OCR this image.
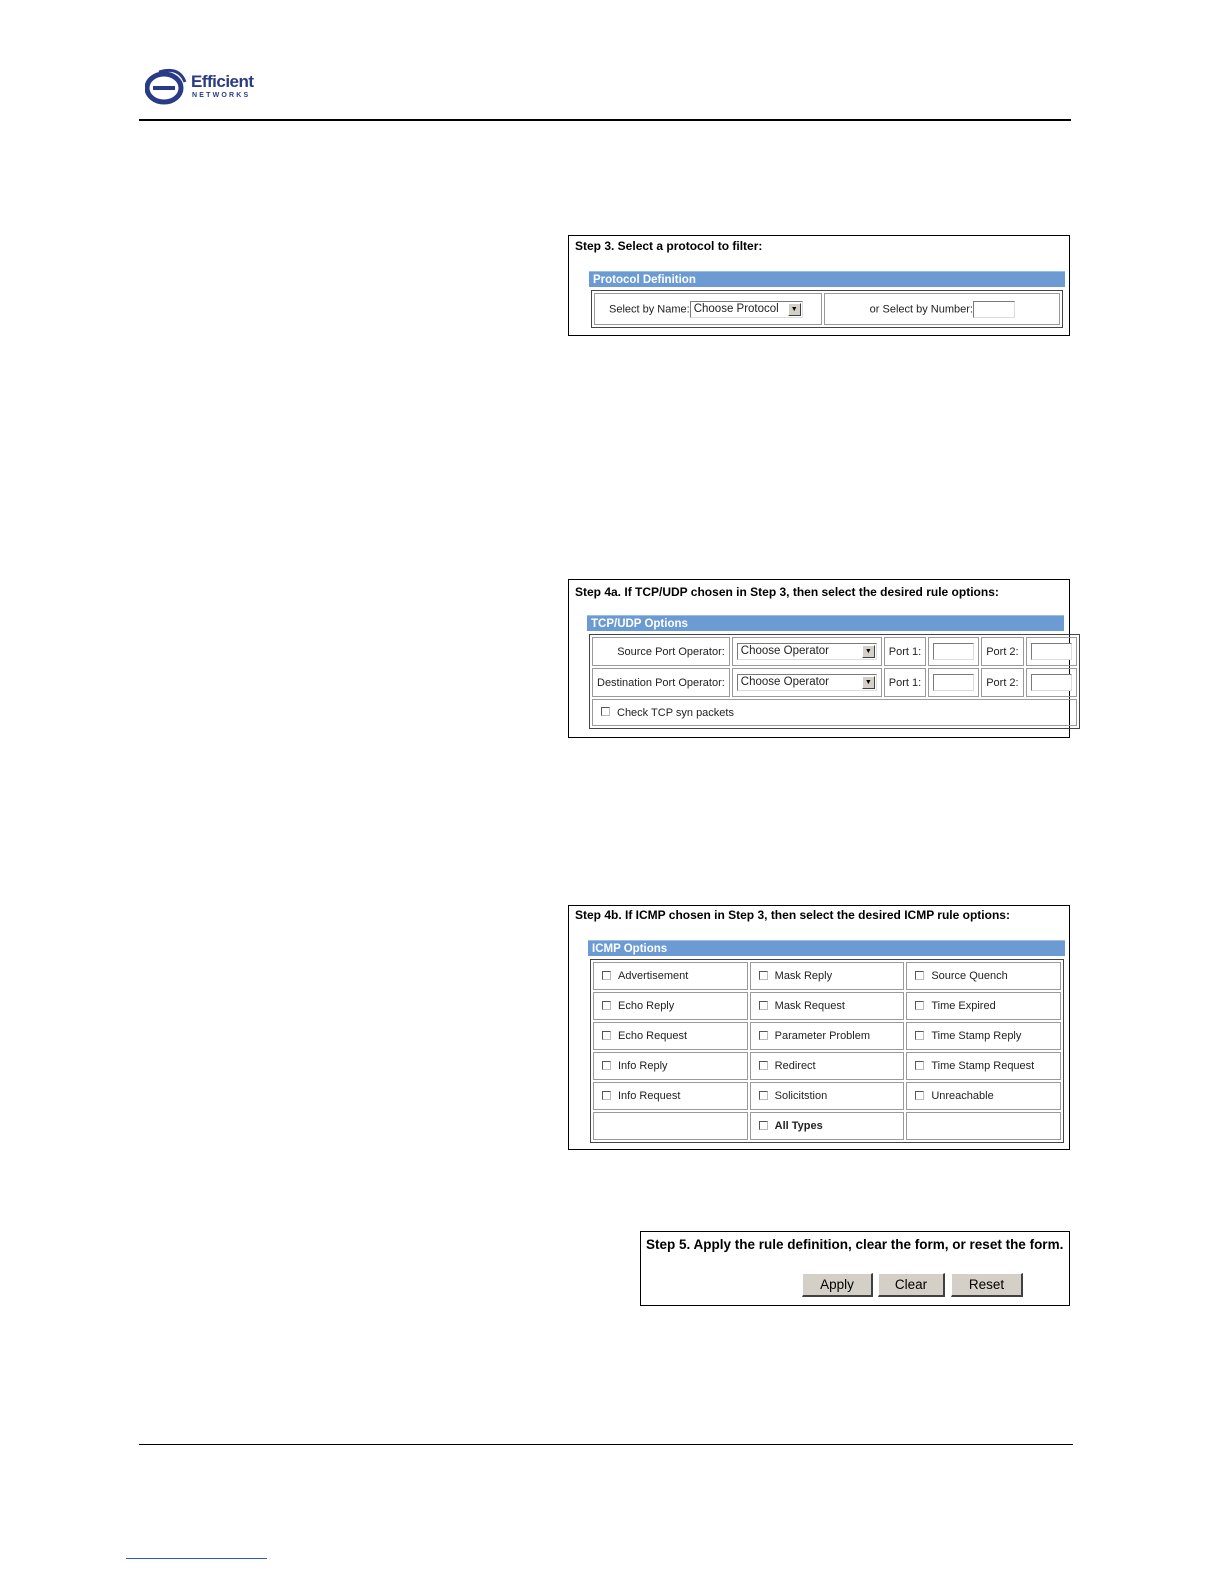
Efficient
NETWORKS
Step 3. Select a protocol to filter:
Protocol Definition
Select by Name: Choose Protocol	▼	or Select by Number:
Step 4a. If TCP/UDP chosen in Step 3, then select the desired rule options:
TCP/UDP Options
Source Port Operator:	Choose Operator ▼	Port 1:		Port 2:	
Destination Port Operator:	Choose Operator ▼	Port 1:		Port 2:	
Check TCP syn packets					
Step 4b. If ICMP chosen in Step 3, then select the desired ICMP rule options:
ICMP Options
Advertisement	Mask Reply	Source Quench
Echo Reply	Mask Request	Time Expired
Echo Request	Parameter Problem	Time Stamp Reply
Info Reply	Redirect	Time Stamp Request
Info Request	Solicitstion	Unreachable
	All Types	
Step 5. Apply the rule definition, clear the form, or reset the form.
Apply	Clear	Reset
